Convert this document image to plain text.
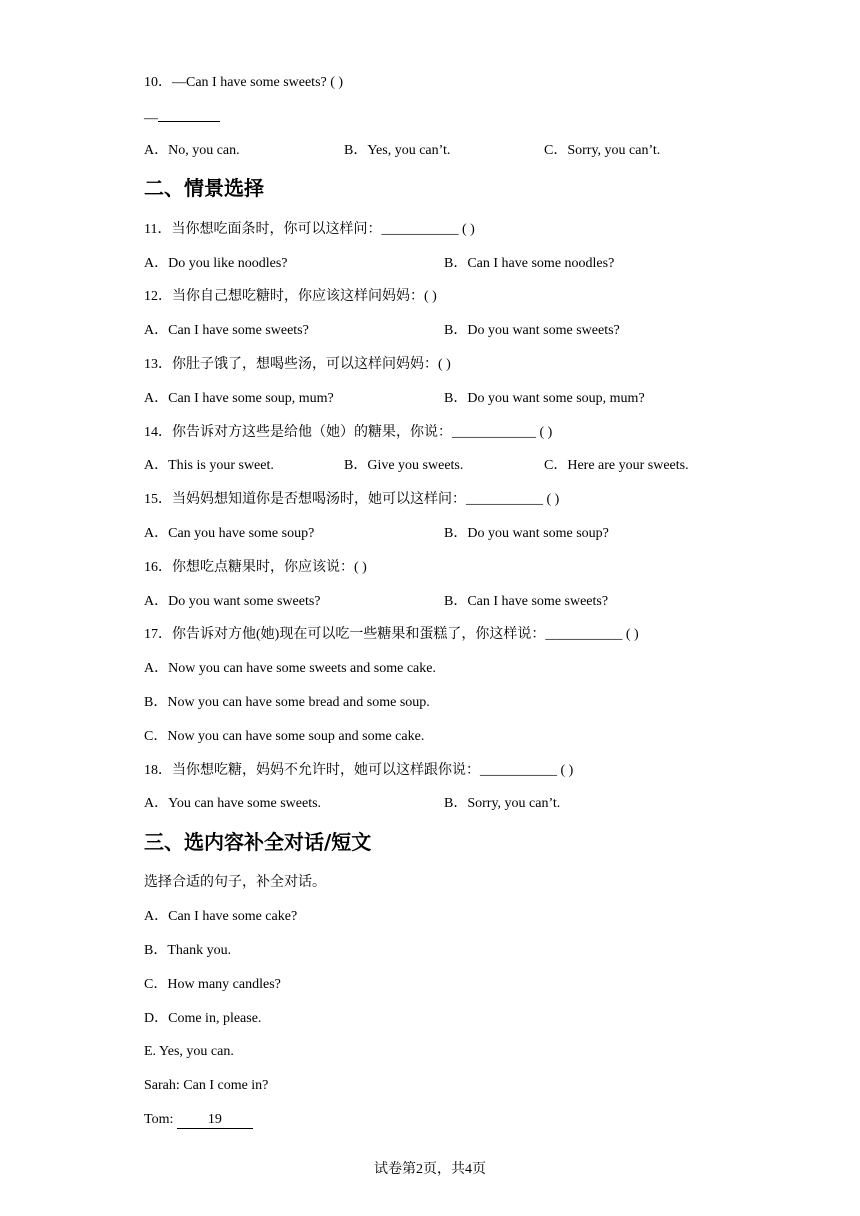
10．—Can I have some sweets? ( )
—
A．No, you can.	B．Yes, you can’t.	C．Sorry, you can’t.
二、情景选择
11．当你想吃面条时，你可以这样问：___________ ( )
A．Do you like noodles?	B．Can I have some noodles?
12．当你自己想吃糖时，你应该这样问妈妈：( )
A．Can I have some sweets?	B．Do you want some sweets?
13．你肚子饿了，想喝些汤，可以这样问妈妈：( )
A．Can I have some soup, mum?	B．Do you want some soup, mum?
14．你告诉对方这些是给他（她）的糖果，你说：____________ ( )
A．This is your sweet.	B．Give you sweets.	C．Here are your sweets.
15．当妈妈想知道你是否想喝汤时，她可以这样问：___________ ( )
A．Can you have some soup?	B．Do you want some soup?
16．你想吃点糖果时，你应该说：( )
A．Do you want some sweets?	B．Can I have some sweets?
17．你告诉对方他(她)现在可以吃一些糖果和蛋糕了，你这样说：___________ ( )
A．Now you can have some sweets and some cake.
B．Now you can have some bread and some soup.
C．Now you can have some soup and some cake.
18．当你想吃糖，妈妈不允许时，她可以这样跟你说：___________ ( )
A．You can have some sweets.	B．Sorry, you can’t.
三、选内容补全对话/短文
选择合适的句子，补全对话。
A．Can I have some cake?
B．Thank you.
C．How many candles?
D．Come in, please.
E. Yes, you can.
Sarah: Can I come in?
Tom: 19
试卷第2页，共4页
